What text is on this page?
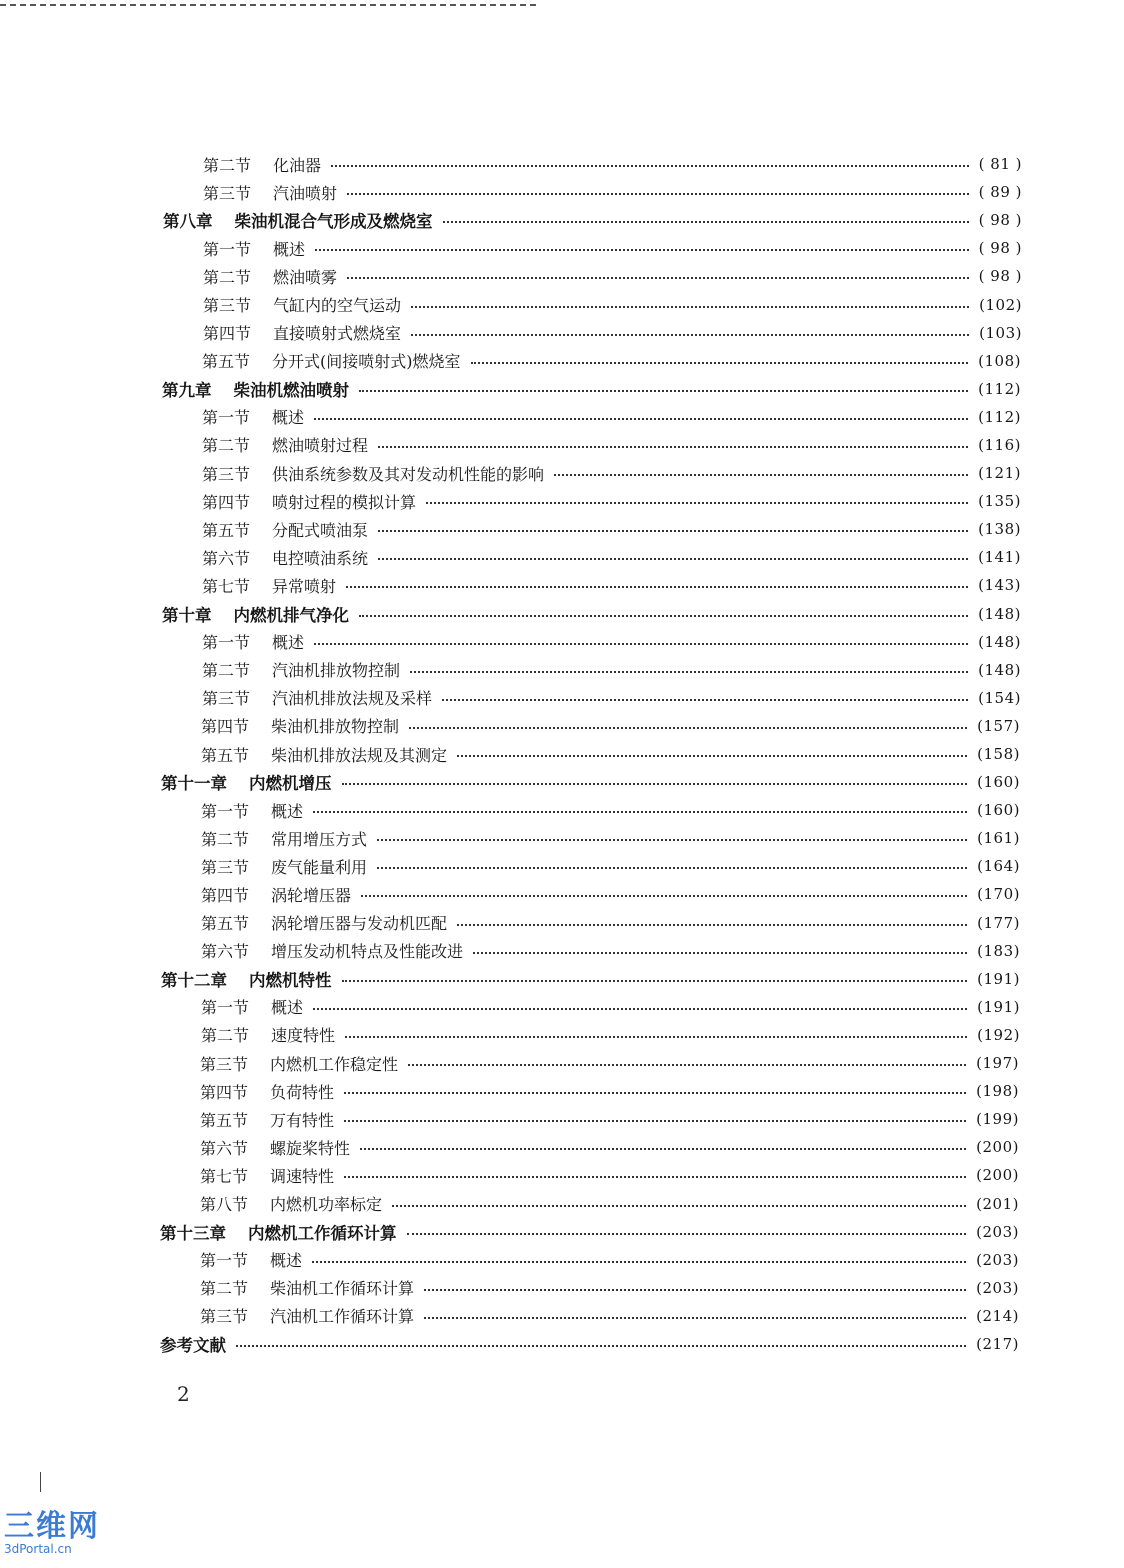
第二节 化油器	( 81 )
第三节 汽油喷射	( 89 )
第八章 柴油机混合气形成及燃烧室	( 98 )
第一节 概述	( 98 )
第二节 燃油喷雾	( 98 )
第三节 气缸内的空气运动	(102)
第四节 直接喷射式燃烧室	(103)
第五节 分开式(间接喷射式)燃烧室	(108)
第九章 柴油机燃油喷射	(112)
第一节 概述	(112)
第二节 燃油喷射过程	(116)
第三节 供油系统参数及其对发动机性能的影响	(121)
第四节 喷射过程的模拟计算	(135)
第五节 分配式喷油泵	(138)
第六节 电控喷油系统	(141)
第七节 异常喷射	(143)
第十章 内燃机排气净化	(148)
第一节 概述	(148)
第二节 汽油机排放物控制	(148)
第三节 汽油机排放法规及采样	(154)
第四节 柴油机排放物控制	(157)
第五节 柴油机排放法规及其测定	(158)
第十一章 内燃机增压	(160)
第一节 概述	(160)
第二节 常用增压方式	(161)
第三节 废气能量利用	(164)
第四节 涡轮增压器	(170)
第五节 涡轮增压器与发动机匹配	(177)
第六节 增压发动机特点及性能改进	(183)
第十二章 内燃机特性	(191)
第一节 概述	(191)
第二节 速度特性	(192)
第三节 内燃机工作稳定性	(197)
第四节 负荷特性	(198)
第五节 万有特性	(199)
第六节 螺旋桨特性	(200)
第七节 调速特性	(200)
第八节 内燃机功率标定	(201)
第十三章 内燃机工作循环计算	(203)
第一节 概述	(203)
第二节 柴油机工作循环计算	(203)
第三节 汽油机工作循环计算	(214)
参考文献	(217)
2
三维网
3dPortal.cn
